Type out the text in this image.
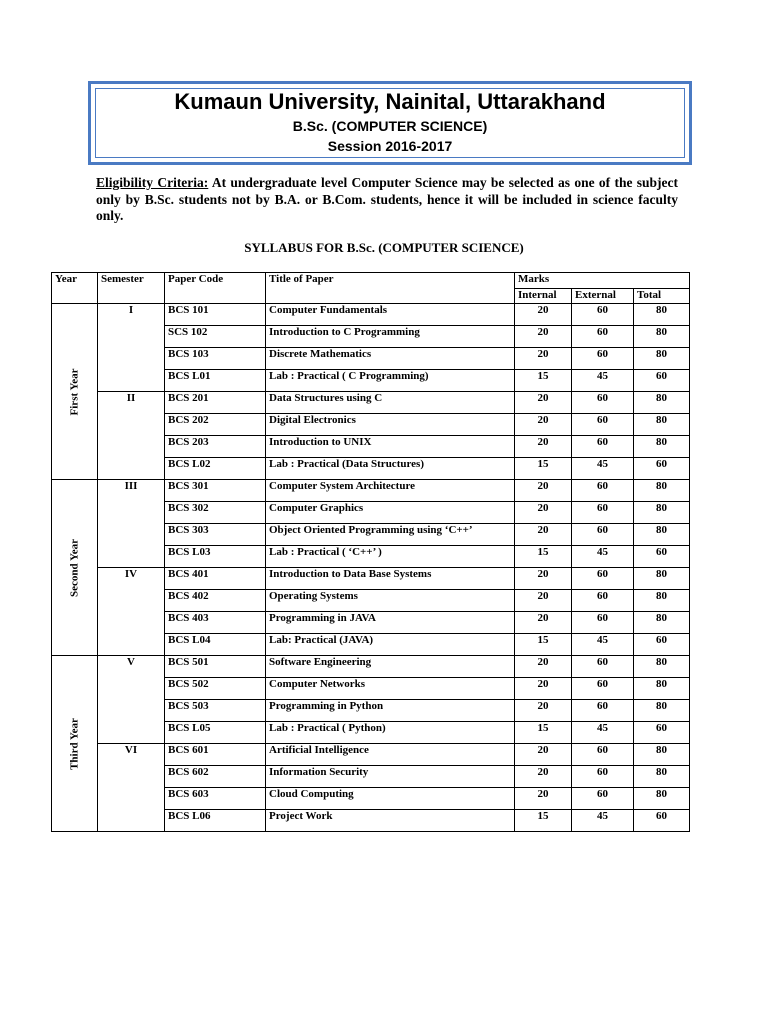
Kumaun University, Nainital, Uttarakhand
B.Sc. (COMPUTER SCIENCE)
Session 2016-2017
Eligibility Criteria: At undergraduate level Computer Science may be selected as one of the subject only by B.Sc. students not by B.A. or B.Com. students, hence it will be included in science faculty only.
SYLLABUS FOR B.Sc. (COMPUTER SCIENCE)
Year	Semester	Paper Code	Title of Paper	Marks		
				Internal	External	Total

First Year	I	BCS 101	Computer Fundamentals	20	60	80
		SCS 102	Introduction to C Programming	20	60	80
		BCS 103	Discrete Mathematics	20	60	80
		BCS L01	Lab : Practical ( C Programming)	15	45	60
	II	BCS 201	Data Structures using C	20	60	80
		BCS 202	Digital Electronics	20	60	80
		BCS 203	Introduction to UNIX	20	60	80
		BCS L02	Lab : Practical (Data Structures)	15	45	60

Second Year	III	BCS 301	Computer System Architecture	20	60	80
		BCS 302	Computer Graphics	20	60	80
		BCS 303	Object Oriented Programming using ‘C++’	20	60	80
		BCS L03	Lab : Practical ( ‘C++’ )	15	45	60
	IV	BCS 401	Introduction to Data Base Systems	20	60	80
		BCS 402	Operating Systems	20	60	80
		BCS 403	Programming in JAVA	20	60	80
		BCS L04	Lab: Practical (JAVA)	15	45	60

Third Year	V	BCS 501	Software Engineering	20	60	80
		BCS 502	Computer Networks	20	60	80
		BCS 503	Programming in Python	20	60	80
		BCS L05	Lab : Practical ( Python)	15	45	60
	VI	BCS 601	Artificial Intelligence	20	60	80
		BCS 602	Information Security	20	60	80
		BCS 603	Cloud Computing	20	60	80
		BCS L06	Project Work	15	45	60
